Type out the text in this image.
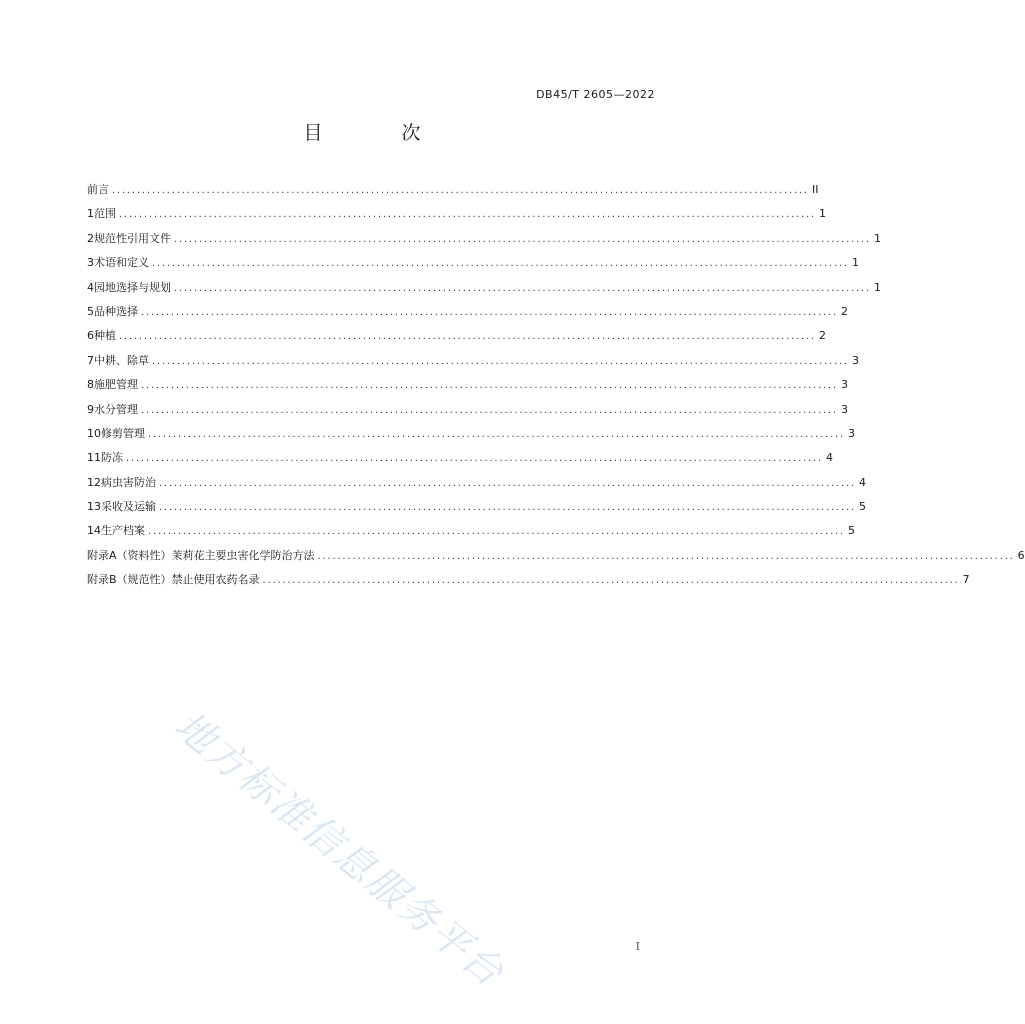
DB45/T 2605—2022
目　次
前言 ............................................................................................................................................ II
1 范围 ............................................................................................................................................ 1
2 规范性引用文件 ............................................................................................................................................ 1
3 术语和定义 ............................................................................................................................................ 1
4 园地选择与规划 ............................................................................................................................................ 1
5 品种选择 ............................................................................................................................................ 2
6 种植 ............................................................................................................................................ 2
7 中耕、除草 ............................................................................................................................................ 3
8 施肥管理 ............................................................................................................................................ 3
9 水分管理 ............................................................................................................................................ 3
10 修剪管理 ............................................................................................................................................ 3
11 防冻 ............................................................................................................................................ 4
12 病虫害防治 ............................................................................................................................................ 4
13 采收及运输 ............................................................................................................................................ 5
14 生产档案 ............................................................................................................................................ 5
附录A（资料性） 茉莉花主要虫害化学防治方法 ............................................................................................................................................ 6
附录B（规范性） 禁止使用农药名录 ............................................................................................................................................ 7
地方标准信息服务平台	I
